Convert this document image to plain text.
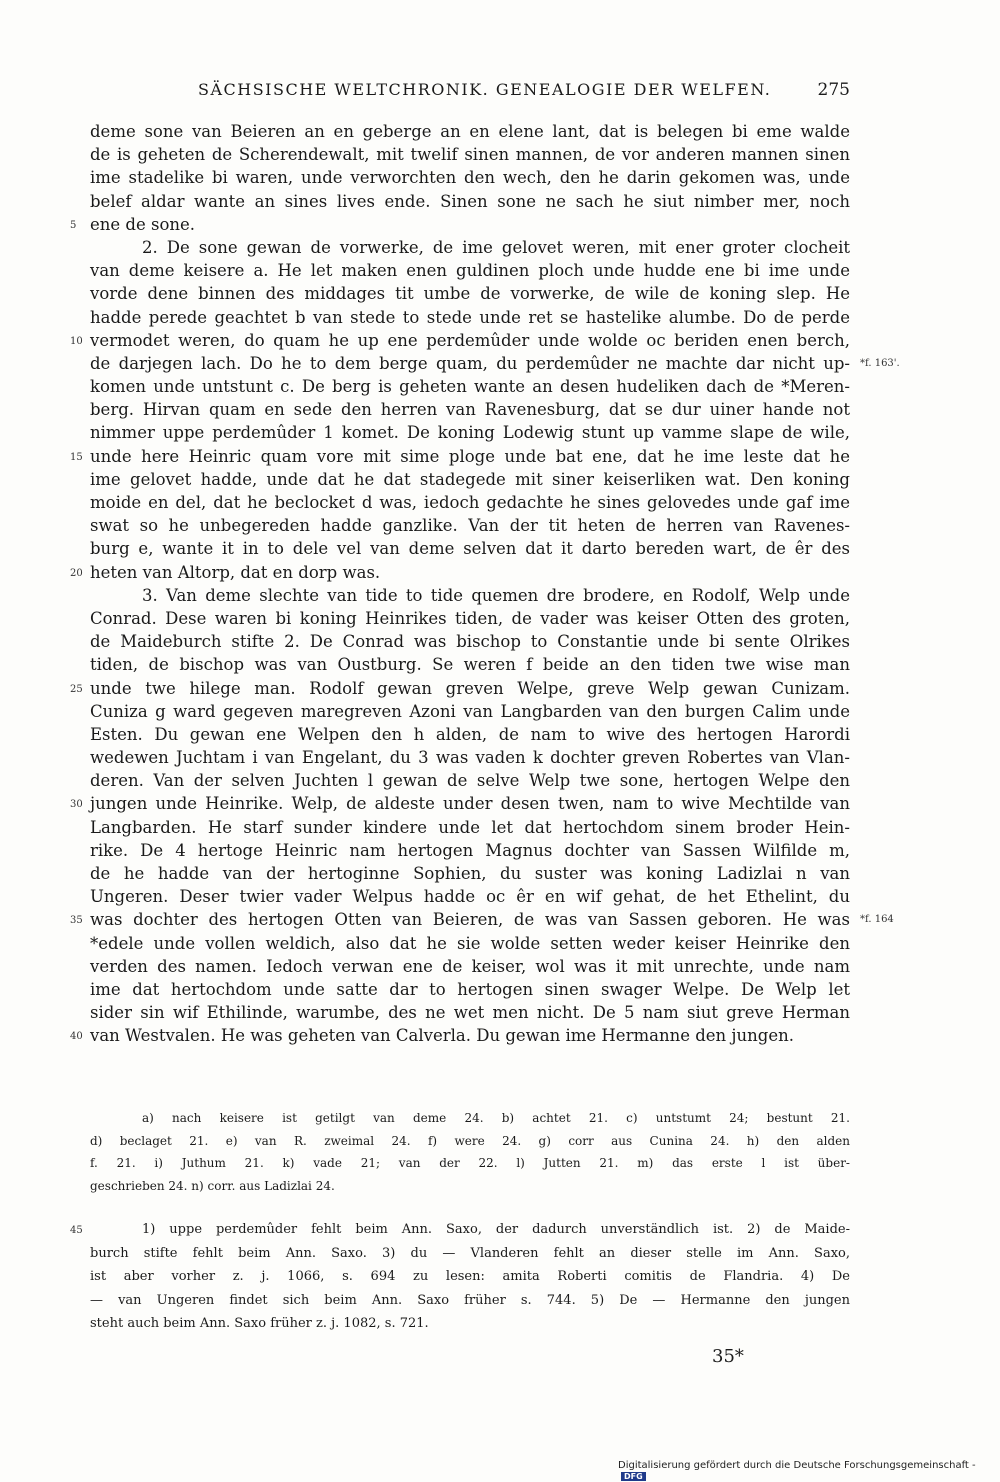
SÄCHSISCHE WELTCHRONIK. GENEALOGIE DER WELFEN.	275
deme sone van Beieren an en geberge an en elene lant, dat is belegen bi eme walde
de is geheten de Scherendewalt, mit twelif sinen mannen, de vor anderen mannen sinen
ime stadelike bi waren, unde verworchten den wech, den he darin gekomen was, unde
belef aldar wante an sines lives ende. Sinen sone ne sach he siut nimber mer, noch
ene de sone.
5
2. De sone gewan de vorwerke, de ime gelovet weren, mit ener groter clocheit
van deme keisere a. He let maken enen guldinen ploch unde hudde ene bi ime unde
vorde dene binnen des middages tit umbe de vorwerke, de wile de koning slep. He
hadde perede geachtet b van stede to stede unde ret se hastelike alumbe. Do de perde
vermodet weren, do quam he up ene perdemûder unde wolde oc beriden enen berch,
10
de darjegen lach. Do he to dem berge quam, du perdemûder ne machte dar nicht up- *f. 163'.
komen unde untstunt c. De berg is geheten wante an desen hudeliken dach de *Meren-
berg. Hirvan quam en sede den herren van Ravenesburg, dat se dur uiner hande not
nimmer uppe perdemûder 1 komet. De koning Lodewig stunt up vamme slape de wile,
unde here Heinric quam vore mit sime ploge unde bat ene, dat he ime leste dat he
15
ime gelovet hadde, unde dat he dat stadegede mit siner keiserliken wat. Den koning
moide en del, dat he beclocket d was, iedoch gedachte he sines gelovedes unde gaf ime
swat so he unbegereden hadde ganzlike. Van der tit heten de herren van Ravenes-
burg e, wante it in to dele vel van deme selven dat it darto bereden wart, de êr des
heten van Altorp, dat en dorp was.
20
3. Van deme slechte van tide to tide quemen dre brodere, en Rodolf, Welp unde
Conrad. Dese waren bi koning Heinrikes tiden, de vader was keiser Otten des groten,
de Maideburch stifte 2. De Conrad was bischop to Constantie unde bi sente Olrikes
tiden, de bischop was van Oustburg. Se weren f beide an den tiden twe wise man
unde twe hilege man. Rodolf gewan greven Welpe, greve Welp gewan Cunizam.
25
Cuniza g ward gegeven maregreven Azoni van Langbarden van den burgen Calim unde
Esten. Du gewan ene Welpen den h alden, de nam to wive des hertogen Harordi
wedewen Juchtam i van Engelant, du 3 was vaden k dochter greven Robertes van Vlan-
deren. Van der selven Juchten l gewan de selve Welp twe sone, hertogen Welpe den
jungen unde Heinrike. Welp, de aldeste under desen twen, nam to wive Mechtilde van
30
Langbarden. He starf sunder kindere unde let dat hertochdom sinem broder Hein-
rike. De 4 hertoge Heinric nam hertogen Magnus dochter van Sassen Wilfilde m,
de he hadde van der hertoginne Sophien, du suster was koning Ladizlai n van
Ungeren. Deser twier vader Welpus hadde oc êr en wif gehat, de het Ethelint, du
was dochter des hertogen Otten van Beieren, de was van Sassen geboren. He was
35	*f. 164
*edele unde vollen weldich, also dat he sie wolde setten weder keiser Heinrike den
verden des namen. Iedoch verwan ene de keiser, wol was it mit unrechte, unde nam
ime dat hertochdom unde satte dar to hertogen sinen swager Welpe. De Welp let
sider sin wif Ethilinde, warumbe, des ne wet men nicht. De 5 nam siut greve Herman
van Westvalen. He was geheten van Calverla. Du gewan ime Hermanne den jungen.
40
a) nach keisere ist getilgt van deme 24. b) achtet 21. c) untstumt 24; bestunt 21.
d) beclaget 21. e) van R. zweimal 24. f) were 24. g) corr aus Cunina 24. h) den alden
f. 21. i) Juthum 21. k) vade 21; van der 22. l) Jutten 21. m) das erste l ist über-
geschrieben 24. n) corr. aus Ladizlai 24.
1) uppe perdemûder fehlt beim Ann. Saxo, der dadurch unverständlich ist. 2) de Maide-
45
burch stifte fehlt beim Ann. Saxo. 3) du — Vlanderen fehlt an dieser stelle im Ann. Saxo,
ist aber vorher z. j. 1066, s. 694 zu lesen: amita Roberti comitis de Flandria. 4) De
— van Ungeren findet sich beim Ann. Saxo früher s. 744. 5) De — Hermanne den jungen
steht auch beim Ann. Saxo früher z. j. 1082, s. 721.
35*
Digitalisierung gefördert durch die Deutsche Forschungsgemeinschaft -DFG
